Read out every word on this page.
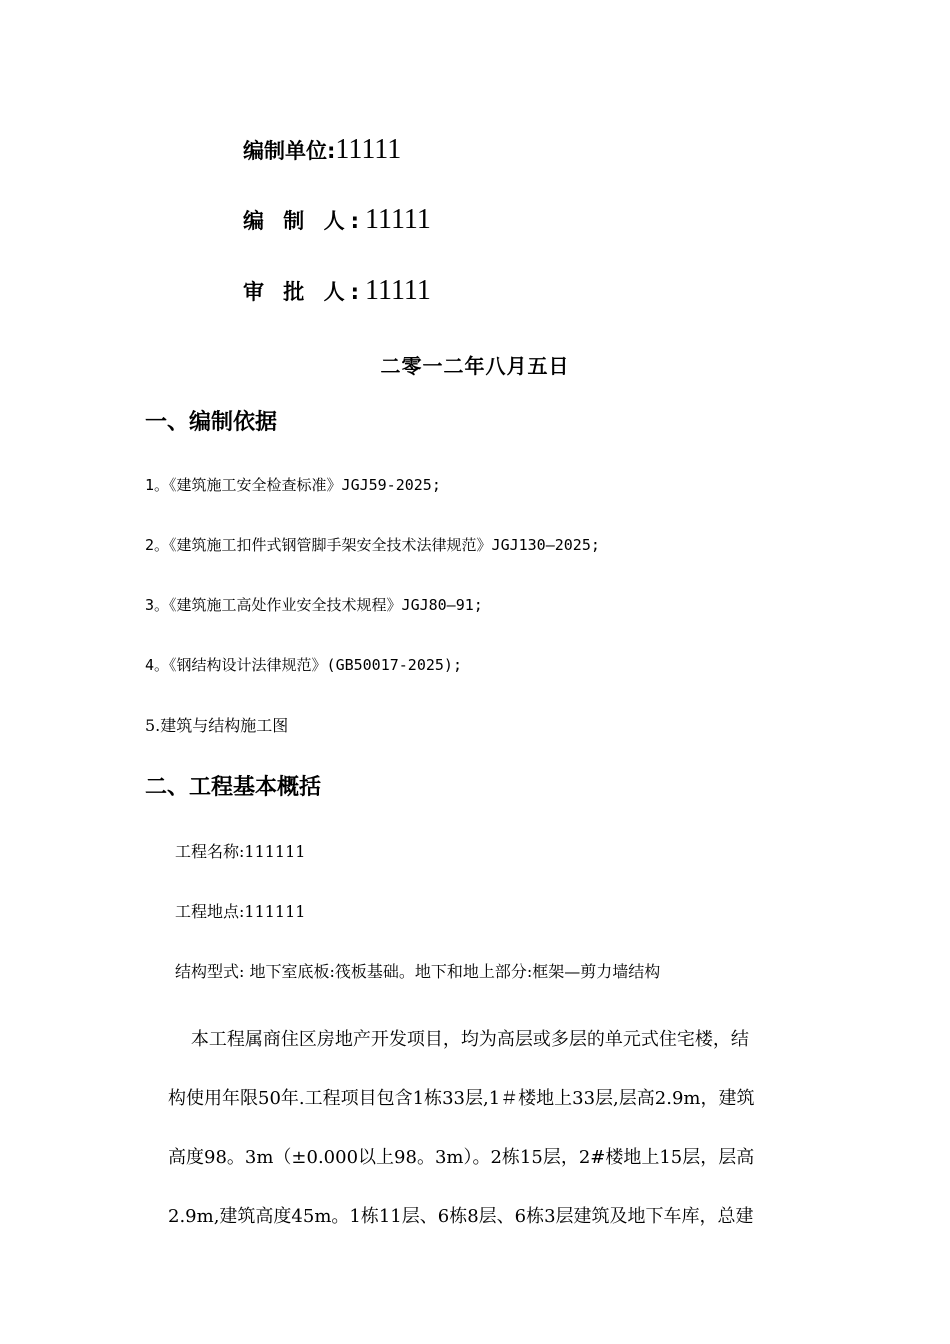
编制单位:11111
编 制 人:11111
审 批 人:11111
二零一二年八月五日
一、编制依据
1。《建筑施工安全检查标准》JGJ59-2025;
2。《建筑施工扣件式钢管脚手架安全技术法律规范》JGJ130—2025;
3。《建筑施工高处作业安全技术规程》JGJ80—91;
4。《钢结构设计法律规范》(GB50017-2025);
5.建筑与结构施工图
二、工程基本概括
工程名称:111111
工程地点:111111
结构型式: 地下室底板:筏板基础。地下和地上部分:框架—剪力墙结构
本工程属商住区房地产开发项目，均为高层或多层的单元式住宅楼，结
构使用年限50年.工程项目包含1栋33层,1＃楼地上33层,层高2.9m，建筑
高度98。3m（±0.000以上98。3m）。2栋15层，2#楼地上15层，层高
2.9m,建筑高度45m。1栋11层、6栋8层、6栋3层建筑及地下车库，总建
